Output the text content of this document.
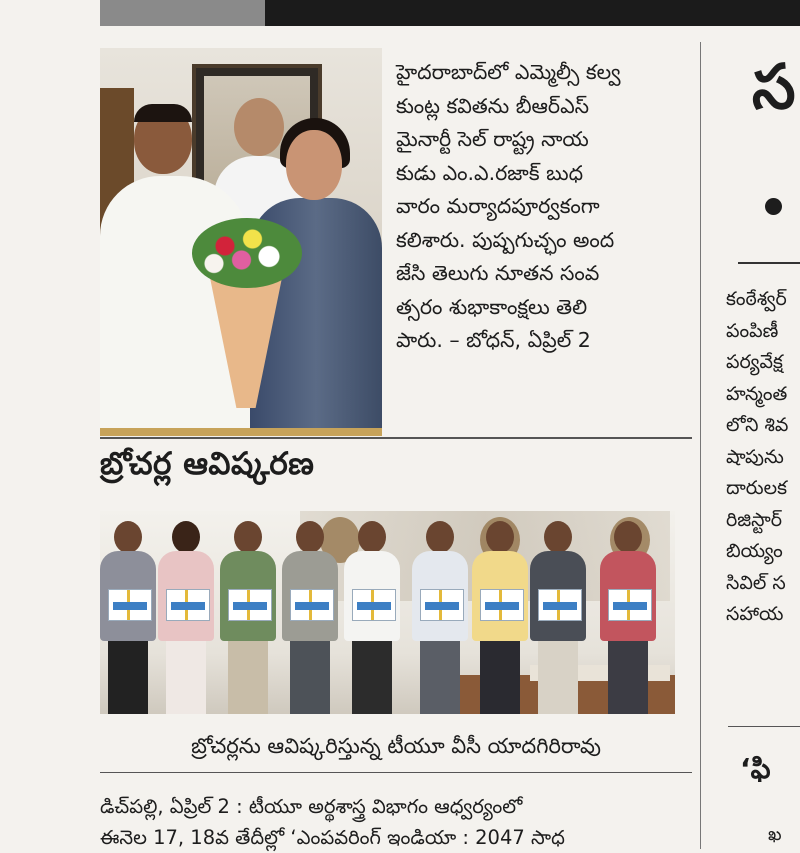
హైదరాబాద్‌లో ఎమ్మెల్సీ కల్వ
కుంట్ల కవితను బీఆర్ఎస్
మైనార్టీ సెల్ రాష్ట్ర నాయ
కుడు ఎం.ఎ.రజాక్ బుధ
వారం మర్యాదపూర్వకంగా
కలిశారు. పుష్పగుచ్ఛం అంద
జేసి తెలుగు నూతన సంవ
త్సరం శుభాకాంక్షలు తెలి
పారు. – బోధన్, ఏప్రిల్ 2
బ్రోచర్ల ఆవిష్కరణ
బ్రోచర్లను ఆవిష్కరిస్తున్న టీయూ వీసీ యాదగిరిరావు
డిచ్‌పల్లి, ఏప్రిల్ 2 : టీయూ అర్థశాస్త్ర విభాగం ఆధ్వర్యంలో
ఈనెల 17, 18వ తేదీల్లో ‘ఎంపవరింగ్ ఇండియా : 2047 సాధ
స
కంఠేశ్వర్
పంపిణీ
పర్యవేక్ష
హన్మంత
లోని శివ
షాపును
దారులక
రిజిస్టార్
బియ్యం
సివిల్ స
సహాయ
‘ఫి
ఖ
